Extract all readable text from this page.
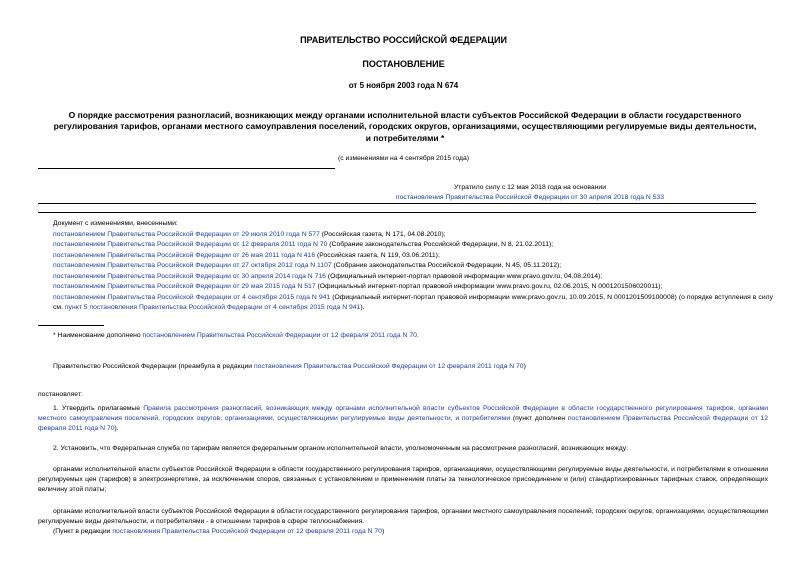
ПРАВИТЕЛЬСТВО РОССИЙСКОЙ ФЕДЕРАЦИИ
ПОСТАНОВЛЕНИЕ
от 5 ноября 2003 года N 674
О порядке рассмотрения разногласий, возникающих между органами исполнительной власти субъектов Российской Федерации в области государственного регулирования тарифов, органами местного самоуправления поселений, городских округов, организациями, осуществляющими регулируемые виды деятельности, и потребителями *
(с изменениями на 4 сентября 2015 года)
Утратило силу с 12 мая 2018 года на основании
постановления Правительства Российской Федерации от 30 апреля 2018 года N 533
Документ с изменениями, внесенными:
постановлением Правительства Российской Федерации от 29 июля 2010 года N 577 (Российская газета, N 171, 04.08.2010);
постановлением Правительства Российской Федерации от 12 февраля 2011 года N 70 (Собрание законодательства Российской Федерации, N 8, 21.02.2011);
постановлением Правительства Российской Федерации от 26 мая 2011 года N 416 (Российская газета, N 119, 03.06.2011);
постановлением Правительства Российской Федерации от 27 октября 2012 года N 1107 (Собрание законодательства Российской Федерации, N 45, 05.11.2012);
постановлением Правительства Российской Федерации от 30 апреля 2014 года N 716 (Официальный интернет-портал правовой информации www.pravo.gov.ru, 04.08.2014);
постановлением Правительства Российской Федерации от 29 мая 2015 года N 517 (Официальный интернет-портал правовой информации www.pravo.gov.ru, 02.06.2015, N 0001201506020011);
постановлением Правительства Российской Федерации от 4 сентября 2015 года N 941 (Официальный интернет-портал правовой информации www.pravo.gov.ru, 10.09.2015, N 0001201509100008) (о порядке вступления в силу см. пункт 5 постановления Правительства Российской Федерации от 4 сентября 2015 года N 941).
* Наименование дополнено постановлением Правительства Российской Федерации от 12 февраля 2011 года N 70.
Правительство Российской Федерации (преамбула в редакции постановления Правительства Российской Федерации от 12 февраля 2011 года N 70)
постановляет:
1. Утвердить прилагаемые Правила рассмотрения разногласий, возникающих между органами исполнительной власти субъектов Российской Федерации в области государственного регулирования тарифов, органами местного самоуправления поселений, городских округов, организациями, осуществляющими регулируемые виды деятельности, и потребителями (пункт дополнен постановлением Правительства Российской Федерации от 12 февраля 2011 года N 70).
2. Установить, что Федеральная служба по тарифам является федеральным органом исполнительной власти, уполномоченным на рассмотрение разногласий, возникающих между:
органами исполнительной власти субъектов Российской Федерации в области государственного регулирования тарифов, организациями, осуществляющими регулируемые виды деятельности, и потребителями в отношении регулируемых цен (тарифов) в электроэнергетике, за исключением споров, связанных с установлением и применением платы за технологическое присоединение и (или) стандартизированных тарифных ставок, определяющих величину этой платы;
органами исполнительной власти субъектов Российской Федерации в области государственного регулирования тарифов, органами местного самоуправления поселений, городских округов, организациями, осуществляющими регулируемые виды деятельности, и потребителями - в отношении тарифов в сфере теплоснабжения.
(Пункт в редакции постановления Правительства Российской Федерации от 12 февраля 2011 года N 70)
